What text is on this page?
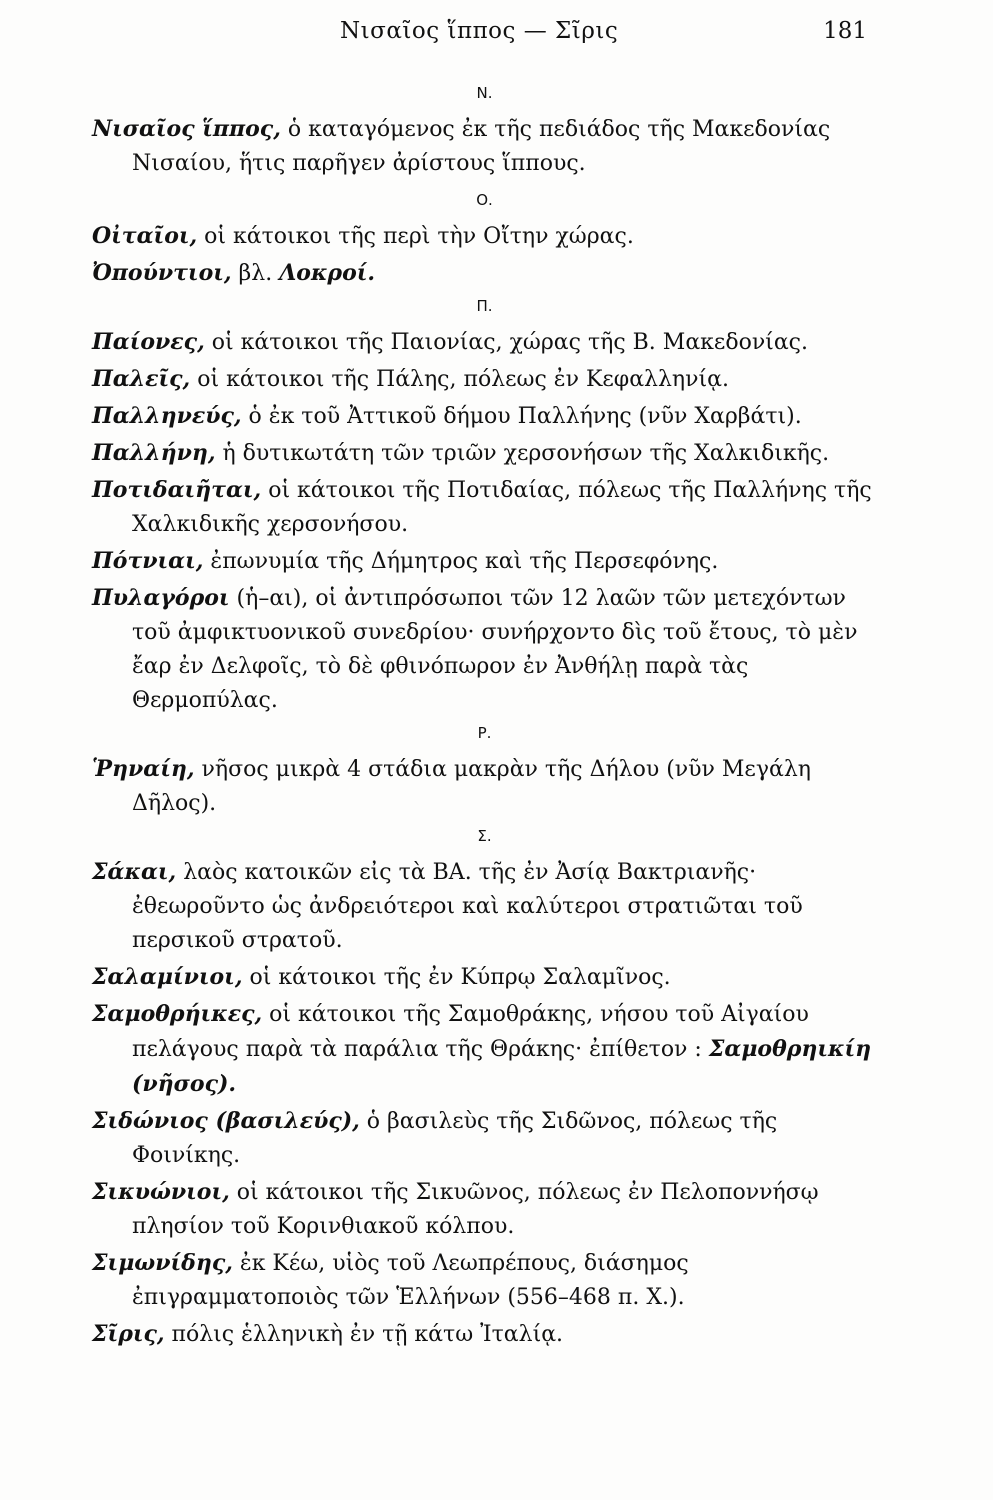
Νισαῖος ἵππος — Σῖρις	181
Ν.

Νισαῖος ἵππος, ὁ καταγόμενος ἐκ τῆς πεδιάδος τῆς Μακεδονίας Νισαίου, ἥτις παρῆγεν ἀρίστους ἵππους.

Ο.

Οἰταῖοι, οἱ κάτοικοι τῆς περὶ τὴν Οἴτην χώρας.

Ὀπούντιοι, βλ. Λοκροί.

Π.

Παίονες, οἱ κάτοικοι τῆς Παιονίας, χώρας τῆς Β. Μακεδονίας.

Παλεῖς, οἱ κάτοικοι τῆς Πάλης, πόλεως ἐν Κεφαλληνίᾳ.

Παλληνεύς, ὁ ἐκ τοῦ Ἀττικοῦ δήμου Παλλήνης (νῦν Χαρβάτι).

Παλλήνη, ἡ δυτικωτάτη τῶν τριῶν χερσονήσων τῆς Χαλκιδικῆς.

Ποτιδαιῆται, οἱ κάτοικοι τῆς Ποτιδαίας, πόλεως τῆς Παλλήνης τῆς Χαλκιδικῆς χερσονήσου.

Πότνιαι, ἐπωνυμία τῆς Δήμητρος καὶ τῆς Περσεφόνης.

Πυλαγόροι (ἡ–αι), οἱ ἀντιπρόσωποι τῶν 12 λαῶν τῶν μετεχόντων τοῦ ἀμφικτυονικοῦ συνεδρίου· συνήρχοντο δὶς τοῦ ἔτους, τὸ μὲν ἔαρ ἐν Δελφοῖς, τὸ δὲ φθινόπωρον ἐν Ἀνθήλῃ παρὰ τὰς Θερμοπύλας.

Ρ.

Ῥηναίη, νῆσος μικρὰ 4 στάδια μακρὰν τῆς Δήλου (νῦν Μεγάλη Δῆλος).

Σ.

Σάκαι, λαὸς κατοικῶν εἰς τὰ ΒΑ. τῆς ἐν Ἀσίᾳ Βακτριανῆς· ἐθεωροῦντο ὡς ἀνδρειότεροι καὶ καλύτεροι στρατιῶται τοῦ περσικοῦ στρατοῦ.

Σαλαμίνιοι, οἱ κάτοικοι τῆς ἐν Κύπρῳ Σαλαμῖνος.

Σαμοθρήικες, οἱ κάτοικοι τῆς Σαμοθράκης, νήσου τοῦ Αἰγαίου πελάγους παρὰ τὰ παράλια τῆς Θράκης· ἐπίθετον : Σαμοθρηικίη (νῆσος).

Σιδώνιος (βασιλεύς), ὁ βασιλεὺς τῆς Σιδῶνος, πόλεως τῆς Φοινίκης.

Σικυώνιοι, οἱ κάτοικοι τῆς Σικυῶνος, πόλεως ἐν Πελοποννήσῳ πλησίον τοῦ Κορινθιακοῦ κόλπου.

Σιμωνίδης, ἐκ Κέω, υἱὸς τοῦ Λεωπρέπους, διάσημος ἐπιγραμματοποιὸς τῶν Ἑλλήνων (556–468 π. Χ.).

Σῖρις, πόλις ἑλληνικὴ ἐν τῇ κάτω Ἰταλίᾳ.
